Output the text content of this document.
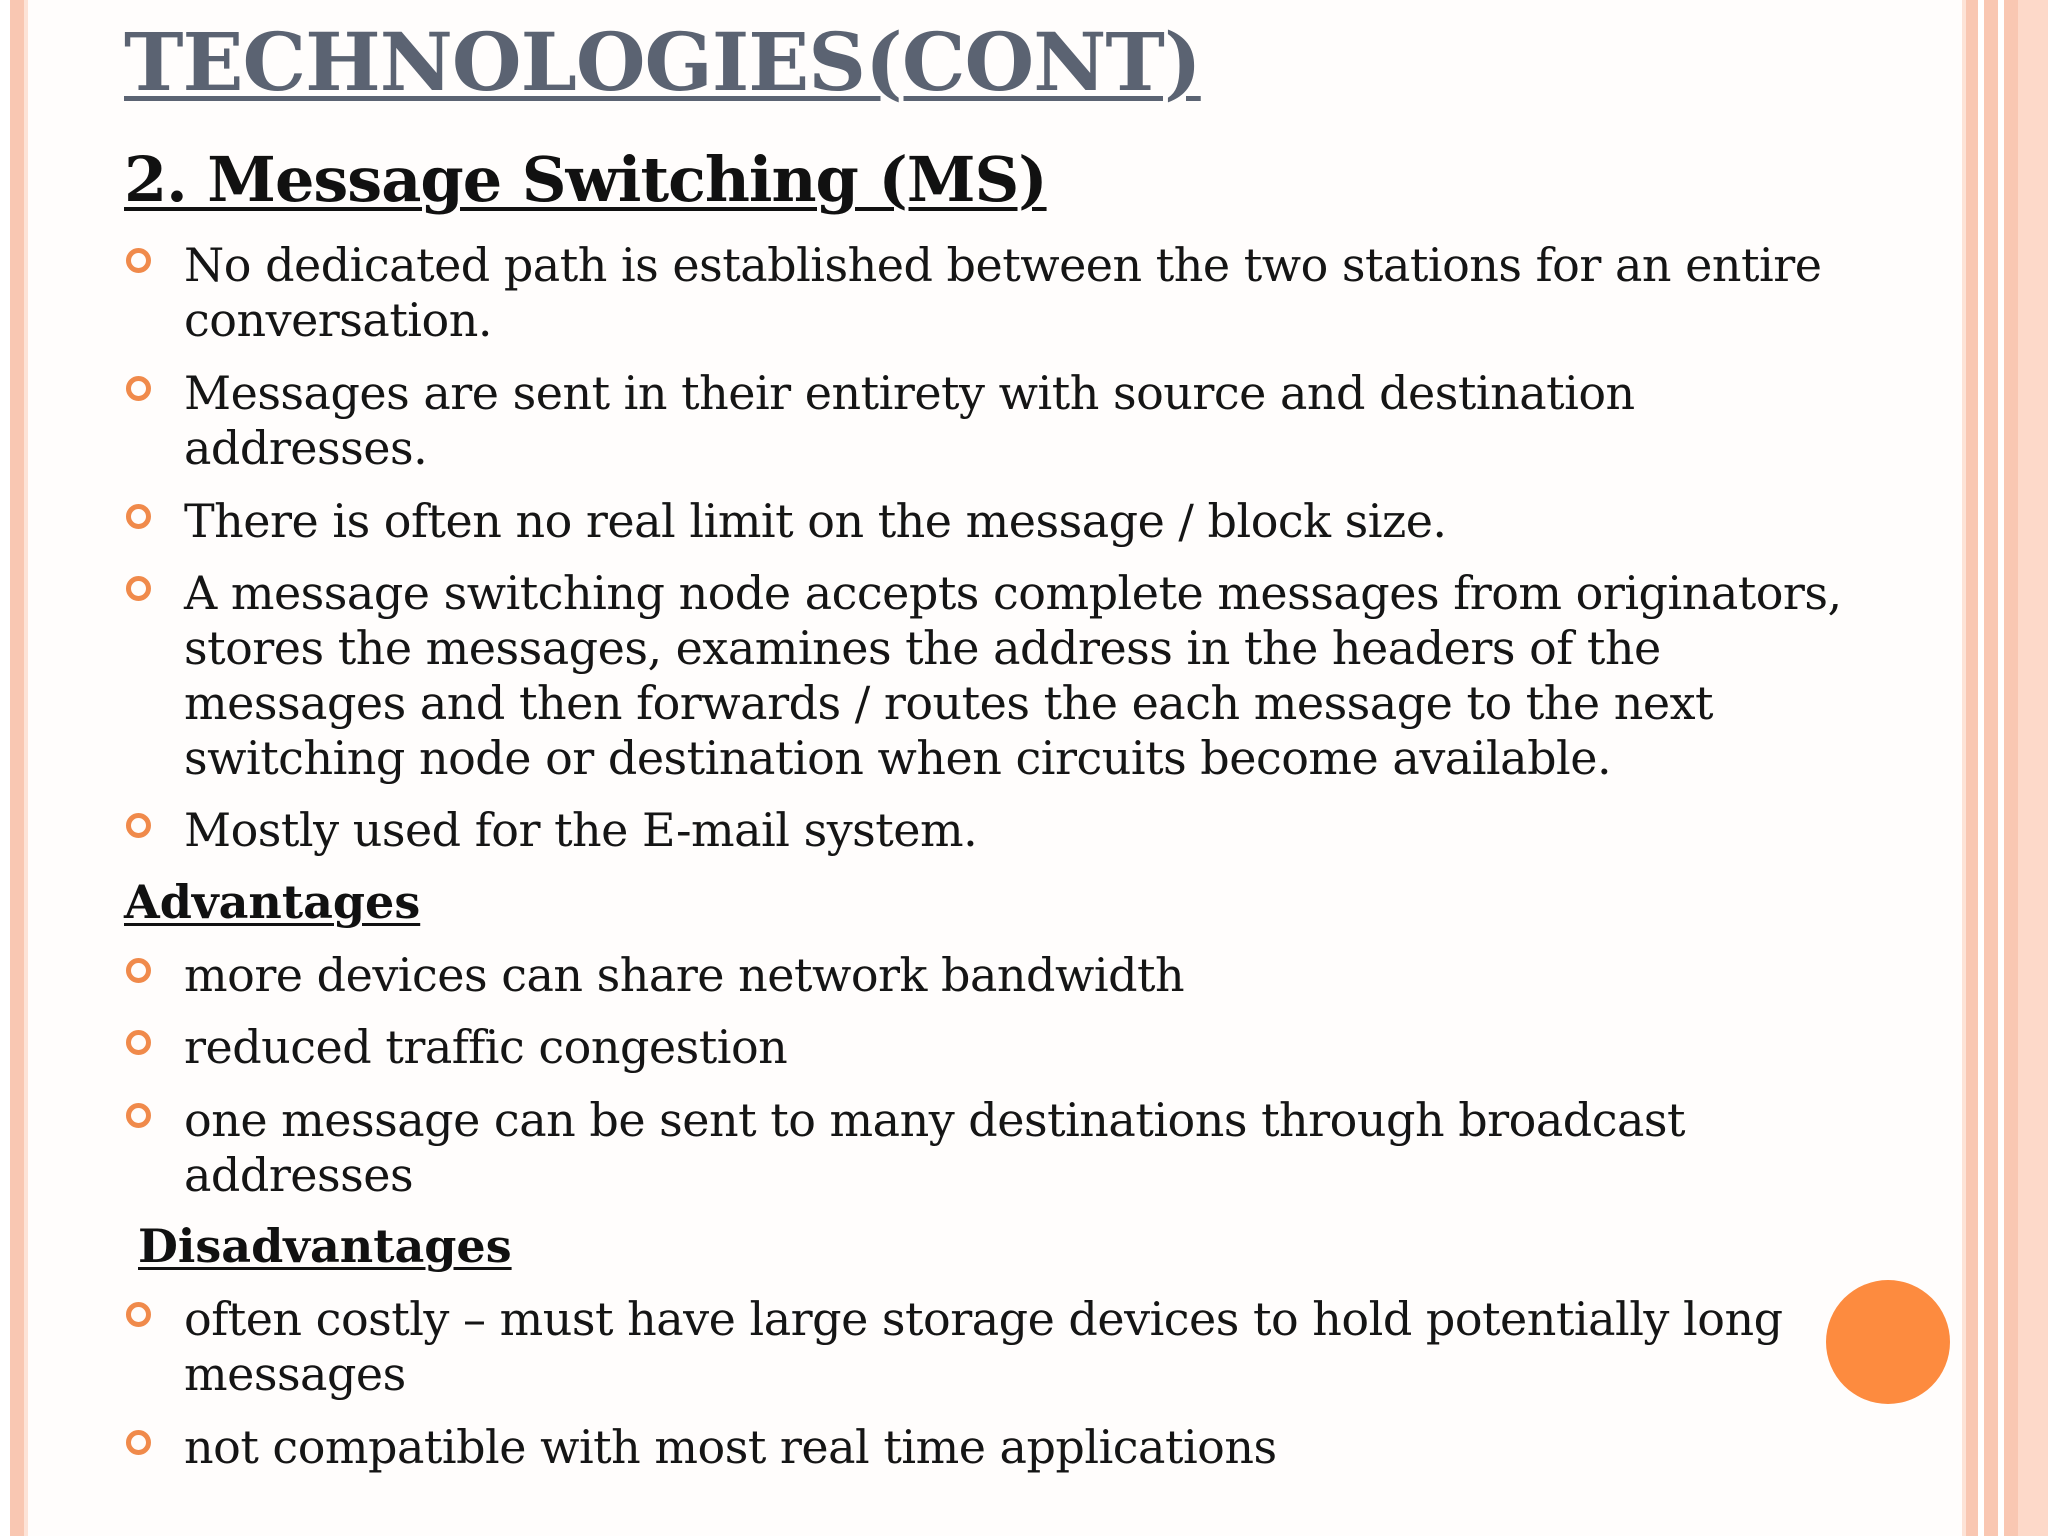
TECHNOLOGIES(CONT)
2. Message Switching (MS)
No dedicated path is established between the two stations for an entire conversation.
Messages are sent in their entirety with source and destination addresses.
There is often no real limit on the message / block size.
A message switching node accepts complete messages from originators, stores the messages, examines the address in the headers of the messages and then forwards / routes the each message to the next switching node or destination when circuits become available.
Mostly used for the E-mail system.
Advantages
more devices can share network bandwidth
reduced traffic congestion
one message can be sent to many destinations through broadcast addresses
Disadvantages
often costly – must have large storage devices to hold potentially long messages
not compatible with most real time applications
